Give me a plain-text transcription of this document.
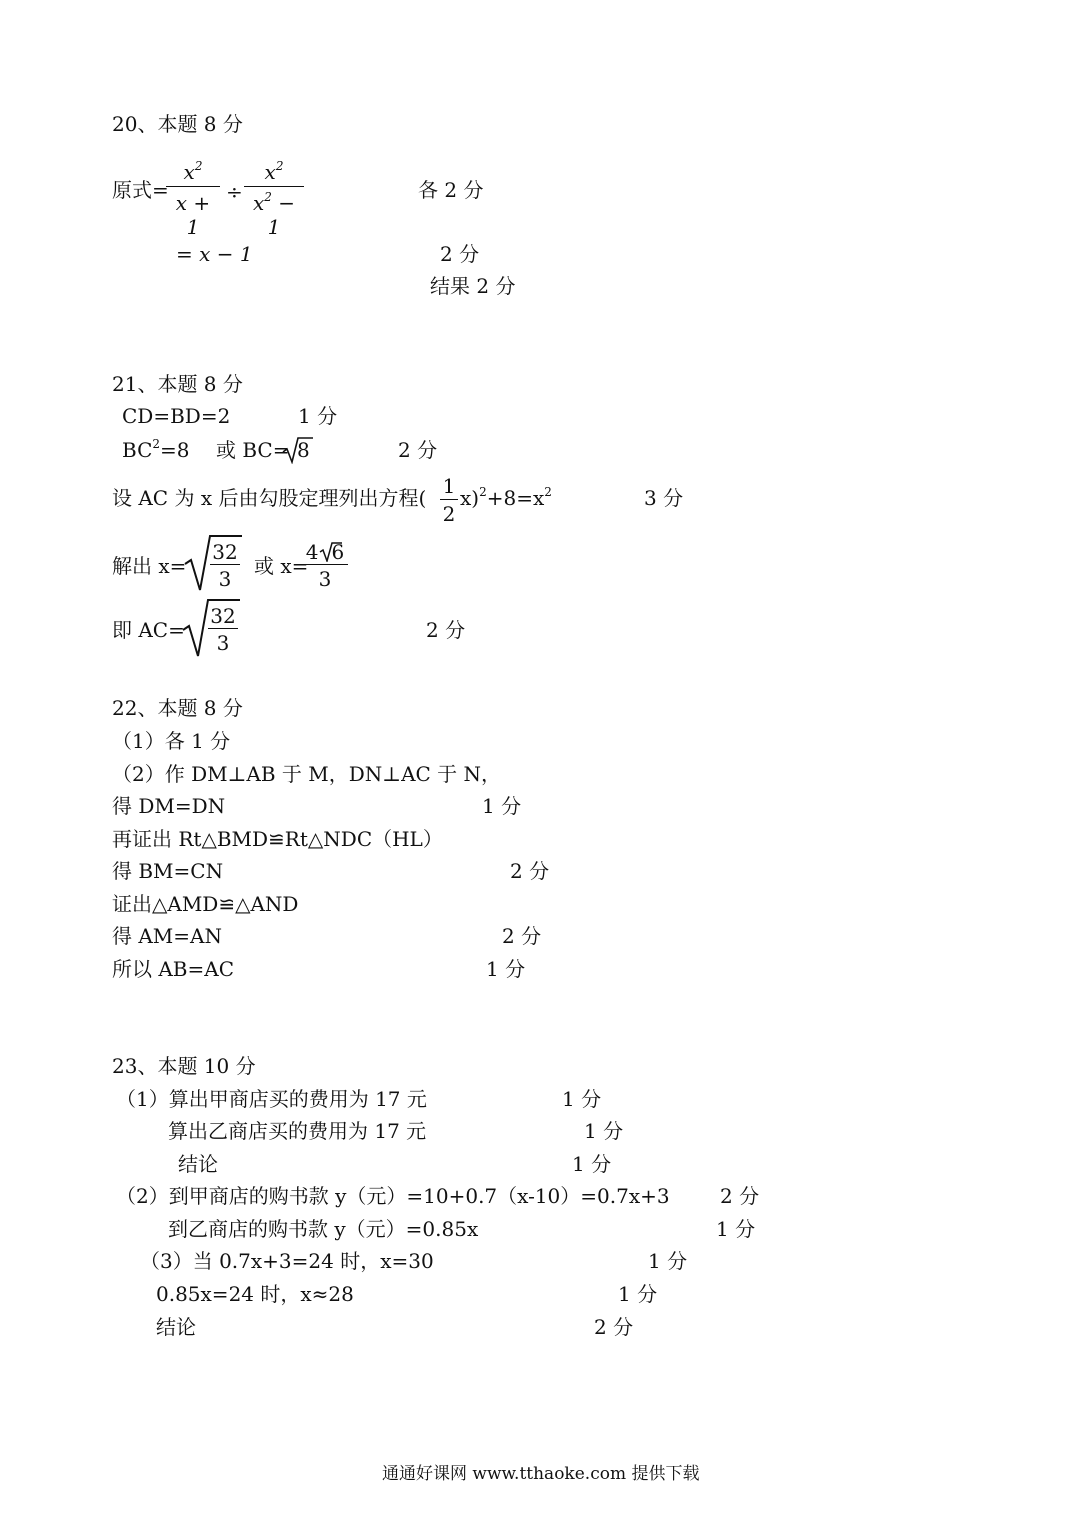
20、本题 8 分
原式=
$x^2$
x + 1
÷
$x^2$
$x^2 - 1$
各 2 分
= x − 1	2 分
结果 2 分
21、本题 8 分
CD=BD=2	1 分
$BC^2=8$ 或 BC= 8	2 分
设 AC 为 x 后由勾股定理列出方程( 1
2
$x)^2+8=x^2$	3 分
解出 x=
32
3
或 x=
4 6
3
即 AC=
32
3
2 分
22、本题 8 分
（1）各 1 分
（2）作 DM⊥AB 于 M，DN⊥AC 于 N，
得 DM=DN	1 分
再证出 Rt△BMD≌Rt△NDC（HL）
得 BM=CN	2 分
证出△AMD≌△AND
得 AM=AN	2 分
所以 AB=AC	1 分
23、本题 10 分
（1）算出甲商店买的费用为 17 元	1 分
算出乙商店买的费用为 17 元	1 分
结论	1 分
（2）到甲商店的购书款 y（元）=10+0.7（x-10）=0.7x+3	2 分
到乙商店的购书款 y（元）=0.85x	1 分
（3）当 0.7x+3=24 时，x=30	1 分
0.85x=24 时，x≈28	1 分
结论	2 分
通通好课网 www.tthaoke.com 提供下载
